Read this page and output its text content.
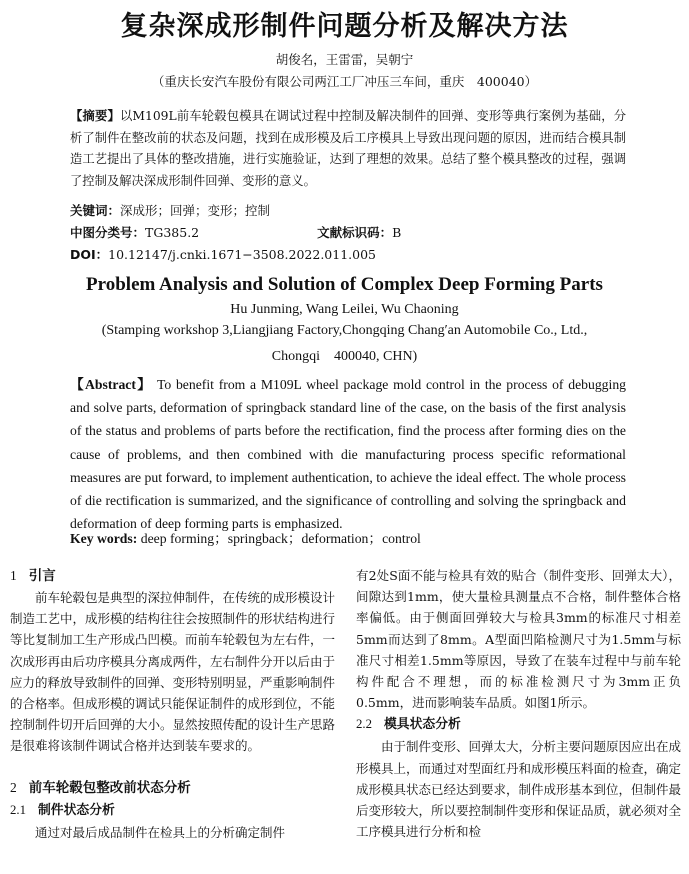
复杂深成形制件问题分析及解决方法
胡俊名，王雷雷，吴朝宁
（重庆长安汽车股份有限公司两江工厂冲压三车间，重庆　400040）

【摘要】以M109L前车轮毂包模具在调试过程中控制及解决制件的回弹、变形等典行案例为基础，分析了制件在整改前的状态及问题，找到在成形模及后工序模具上导致出现问题的原因，进而结合模具制造工艺提出了具体的整改措施，进行实施验证，达到了理想的效果。总结了整个模具整改的过程，强调了控制及解决深成形制件回弹、变形的意义。

关键词：深成形；回弹；变形；控制
中图分类号：TG385.2	文献标识码：B
DOI：10.12147/j.cnki.1671−3508.2022.011.005
Problem Analysis and Solution of Complex Deep Forming Parts
Hu Junming, Wang Leilei, Wu Chaoning
(Stamping workshop 3,Liangjiang Factory,Chongqing Chang′an Automobile Co., Ltd.,
Chongqi　400040, CHN)

【Abstract】 To benefit from a M109L wheel package mold control in the process of debugging and solve parts, deformation of springback standard line of the case, on the basis of the first analysis of the status and problems of parts before the rectification, find the process after forming dies on the cause of problems, and then combined with die manufacturing process specific reformational measures are put forward, to implement authentication, to achieve the ideal effect. The whole process of die rectification is summarized, and the significance of controlling and solving the springback and deformation of deep forming parts is emphasized.

Key words: deep forming；springback；deformation；control
1 引言

前车轮毂包是典型的深拉伸制件，在传统的成形模设计制造工艺中，成形模的结构往往会按照制件的形状结构进行等比复制加工生产形成凸凹模。而前车轮毂包为左右件，一次成形再由后功序模具分离成两件，左右制件分开以后由于应力的释放导致制件的回弹、变形特别明显，严重影响制件的合格率。但成形模的调试只能保证制件的成形到位，不能控制制件切开后回弹的大小。显然按照传配的设计生产思路是很难将该制件调试合格并达到装车要求的。

2 前车轮毂包整改前状态分析
2.1 制件状态分析

通过对最后成品制件在检具上的分析确定制件

有2处S面不能与检具有效的贴合（制件变形、回弹太大），间隙达到1mm，使大量检具测量点不合格，制件整体合格率偏低。由于侧面回弹较大与检具3mm的标准尺寸相差5mm而达到了8mm。A型面凹陷检测尺寸为1.5mm与标准尺寸相差1.5mm等原因，导致了在装车过程中与前车轮构件配合不理想，而的标准检测尺寸为3mm正负0.5mm，进而影响装车品质。如图1所示。

2.2 模具状态分析

由于制件变形、回弹太大，分析主要问题原因应出在成形模具上，而通过对型面红丹和成形模压料面的检查，确定成形模具状态已经达到要求，制件成形基本到位，但制件最后变形较大，所以要控制制件变形和保证品质，就必须对全工序模具进行分析和检
